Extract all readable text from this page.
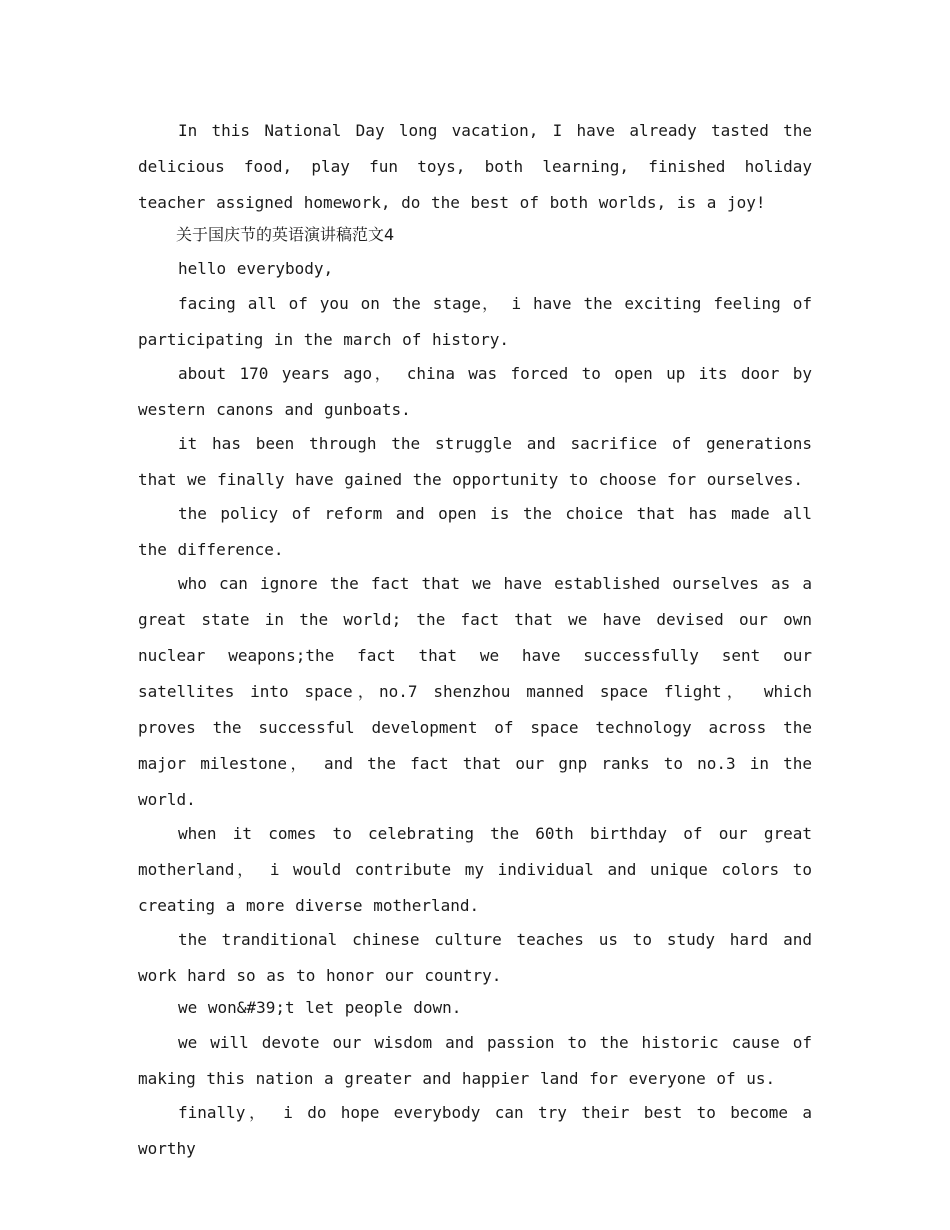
In this National Day long vacation, I have already tasted the delicious food, play fun toys, both learning, finished holiday teacher assigned homework, do the best of both worlds, is a joy!

关于国庆节的英语演讲稿范文4

hello everybody,

facing all of you on the stage， i have the exciting feeling of participating in the march of history.

about 170 years ago， china was forced to open up its door by western canons and gunboats.

it has been through the struggle and sacrifice of generations that we finally have gained the opportunity to choose for ourselves.

the policy of reform and open is the choice that has made all the difference.

who can ignore the fact that we have established ourselves as a great state in the world; the fact that we have devised our own nuclear weapons;the fact that we have successfully sent our satellites into space，no.7 shenzhou manned space flight， which proves the successful development of space technology across the major milestone， and the fact that our gnp ranks to no.3 in the world.

when it comes to celebrating the 60th birthday of our great motherland， i would contribute my individual and unique colors to creating a more diverse motherland.

the tranditional chinese culture teaches us to study hard and work hard so as to honor our country.

we won&#39;t let people down.

we will devote our wisdom and passion to the historic cause of making this nation a greater and happier land for everyone of us.

finally， i do hope everybody can try their best to become a worthy
